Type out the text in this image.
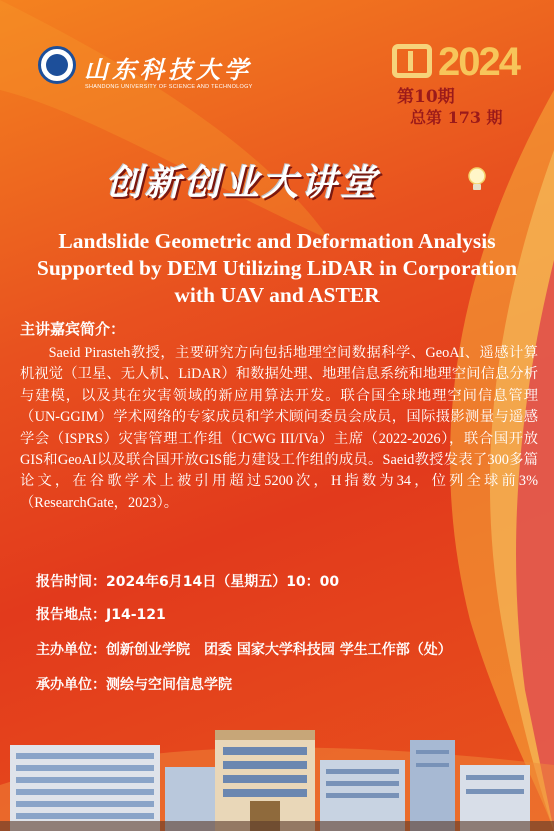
山东科技大学
SHANDONG UNIVERSITY OF SCIENCE AND TECHNOLOGY
2024
第10期
总第 173 期
创新创业大讲堂
Landslide Geometric and Deformation Analysis Supported by DEM Utilizing LiDAR in Corporation with UAV and ASTER
主讲嘉宾简介：
Saeid Pirasteh教授，主要研究方向包括地理空间数据科学、GeoAI、遥感计算机视觉（卫星、无人机、LiDAR）和数据处理、地理信息系统和地理空间信息分析与建模，以及其在灾害领域的新应用算法开发。联合国全球地理空间信息管理（UN-GGIM）学术网络的专家成员和学术顾问委员会成员，国际摄影测量与遥感学会（ISPRS）灾害管理工作组（ICWG III/IVa）主席（2022-2026），联合国开放GIS和GeoAI以及联合国开放GIS能力建设工作组的成员。Saeid教授发表了300多篇论文，在谷歌学术上被引用超过5200次，H指数为34，位列全球前3%（ResearchGate，2023）。
报告时间：2024年6月14日（星期五）10：00
报告地点：J14-121
主办单位：创新创业学院　团委 国家大学科技园 学生工作部（处）
承办单位：测绘与空间信息学院
